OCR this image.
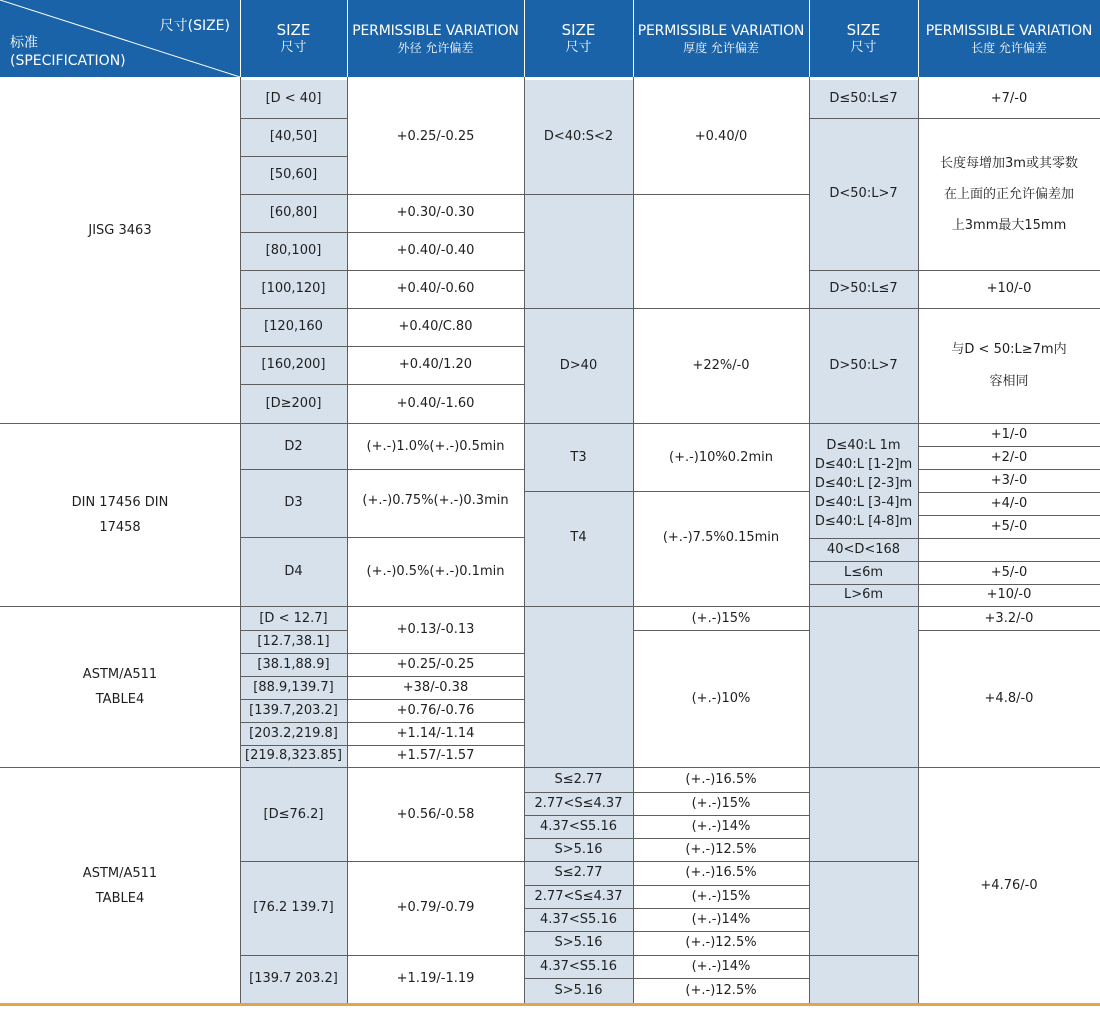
尺寸(SIZE)
标准
(SPECIFICATION)
SIZE
尺寸
PERMISSIBLE VARIATION
外径 允许偏差
SIZE
尺寸
PERMISSIBLE VARIATION
厚度 允许偏差
SIZE
尺寸
PERMISSIBLE VARIATION
长度 允许偏差
JISG 3463
[D < 40]
[40,50]
[50,60]
[60,80]
[80,100]
[100,120]
[120,160
[160,200]
[D≥200]
+0.25/-0.25
+0.30/-0.30
+0.40/-0.40
+0.40/-0.60
+0.40/C.80
+0.40/1.20
+0.40/-1.60
D<40:S<2
D>40
+0.40/0
+22%/-0
D≤50:L≤7
D<50:L>7
D>50:L≤7
D>50:L>7
+7/-0
长度每增加3m或其零数在上面的正允许偏差加上3mm最大15mm
+10/-0
与D < 50:L≥7m内容相同
DIN 17456 DIN 17458
D2
D3
D4
(+.-)1.0%(+.-)0.5min
(+.-)0.75%(+.-)0.3min
(+.-)0.5%(+.-)0.1min
T3
T4
(+.-)10%0.2min
(+.-)7.5%0.15min
D≤40:L 1m
D≤40:L [1-2]m
D≤40:L [2-3]m
D≤40:L [3-4]m
D≤40:L [4-8]m
40<D<168
L≤6m
L>6m
+1/-0
+2/-0
+3/-0
+4/-0
+5/-0
+5/-0
+10/-0
ASTM/A511 TABLE4
[D < 12.7]
[12.7,38.1]
[38.1,88.9]
[88.9,139.7]
[139.7,203.2]
[203.2,219.8]
[219.8,323.85]
+0.13/-0.13
+0.25/-0.25
+38/-0.38
+0.76/-0.76
+1.14/-1.14
+1.57/-1.57
(+.-)15%
(+.-)10%
+3.2/-0
+4.8/-0
ASTM/A511 TABLE4
[D≤76.2]
[76.2 139.7]
[139.7 203.2]
+0.56/-0.58
+0.79/-0.79
+1.19/-1.19
S≤2.77
2.77<S≤4.37
4.37<S5.16
S>5.16
S≤2.77
2.77<S≤4.37
4.37<S5.16
S>5.16
4.37<S5.16
S>5.16
(+.-)16.5%
(+.-)15%
(+.-)14%
(+.-)12.5%
(+.-)16.5%
(+.-)15%
(+.-)14%
(+.-)12.5%
(+.-)14%
(+.-)12.5%
+4.76/-0
